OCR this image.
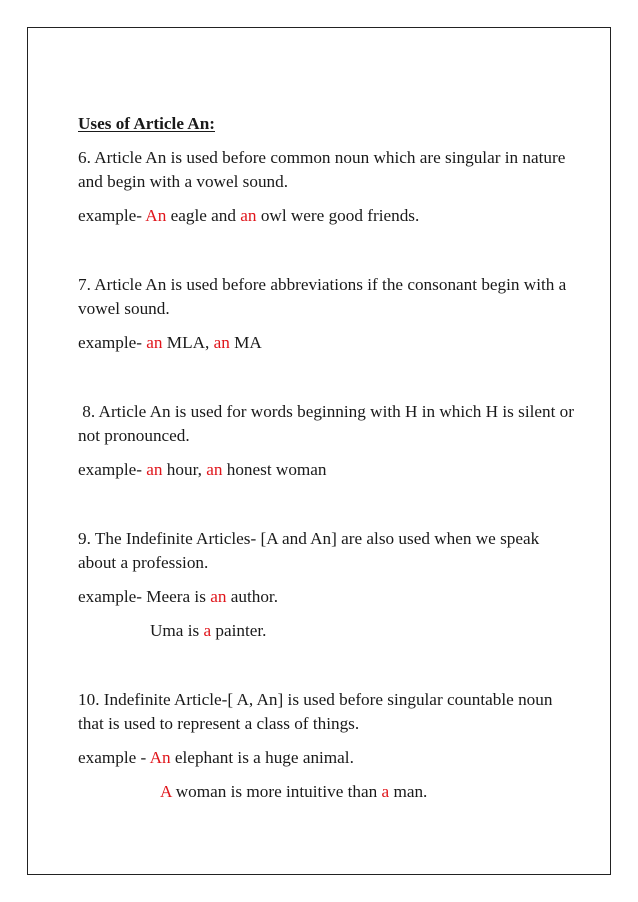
Uses of Article An:

6. Article An is used before common noun which are singular in nature and begin with a vowel sound.

example- An eagle and an owl were good friends.

7. Article An is used before abbreviations if the consonant begin with a vowel sound.

example- an MLA, an MA

8. Article An is used for words beginning with H in which H is silent or not pronounced.

example- an hour, an honest woman

9. The Indefinite Articles- [A and An] are also used when we speak about a profession.

example- Meera is an author.

Uma is a painter.

10. Indefinite Article-[ A, An] is used before singular countable noun that is used to represent a class of things.

example - An elephant is a huge animal.

A woman is more intuitive than a man.
